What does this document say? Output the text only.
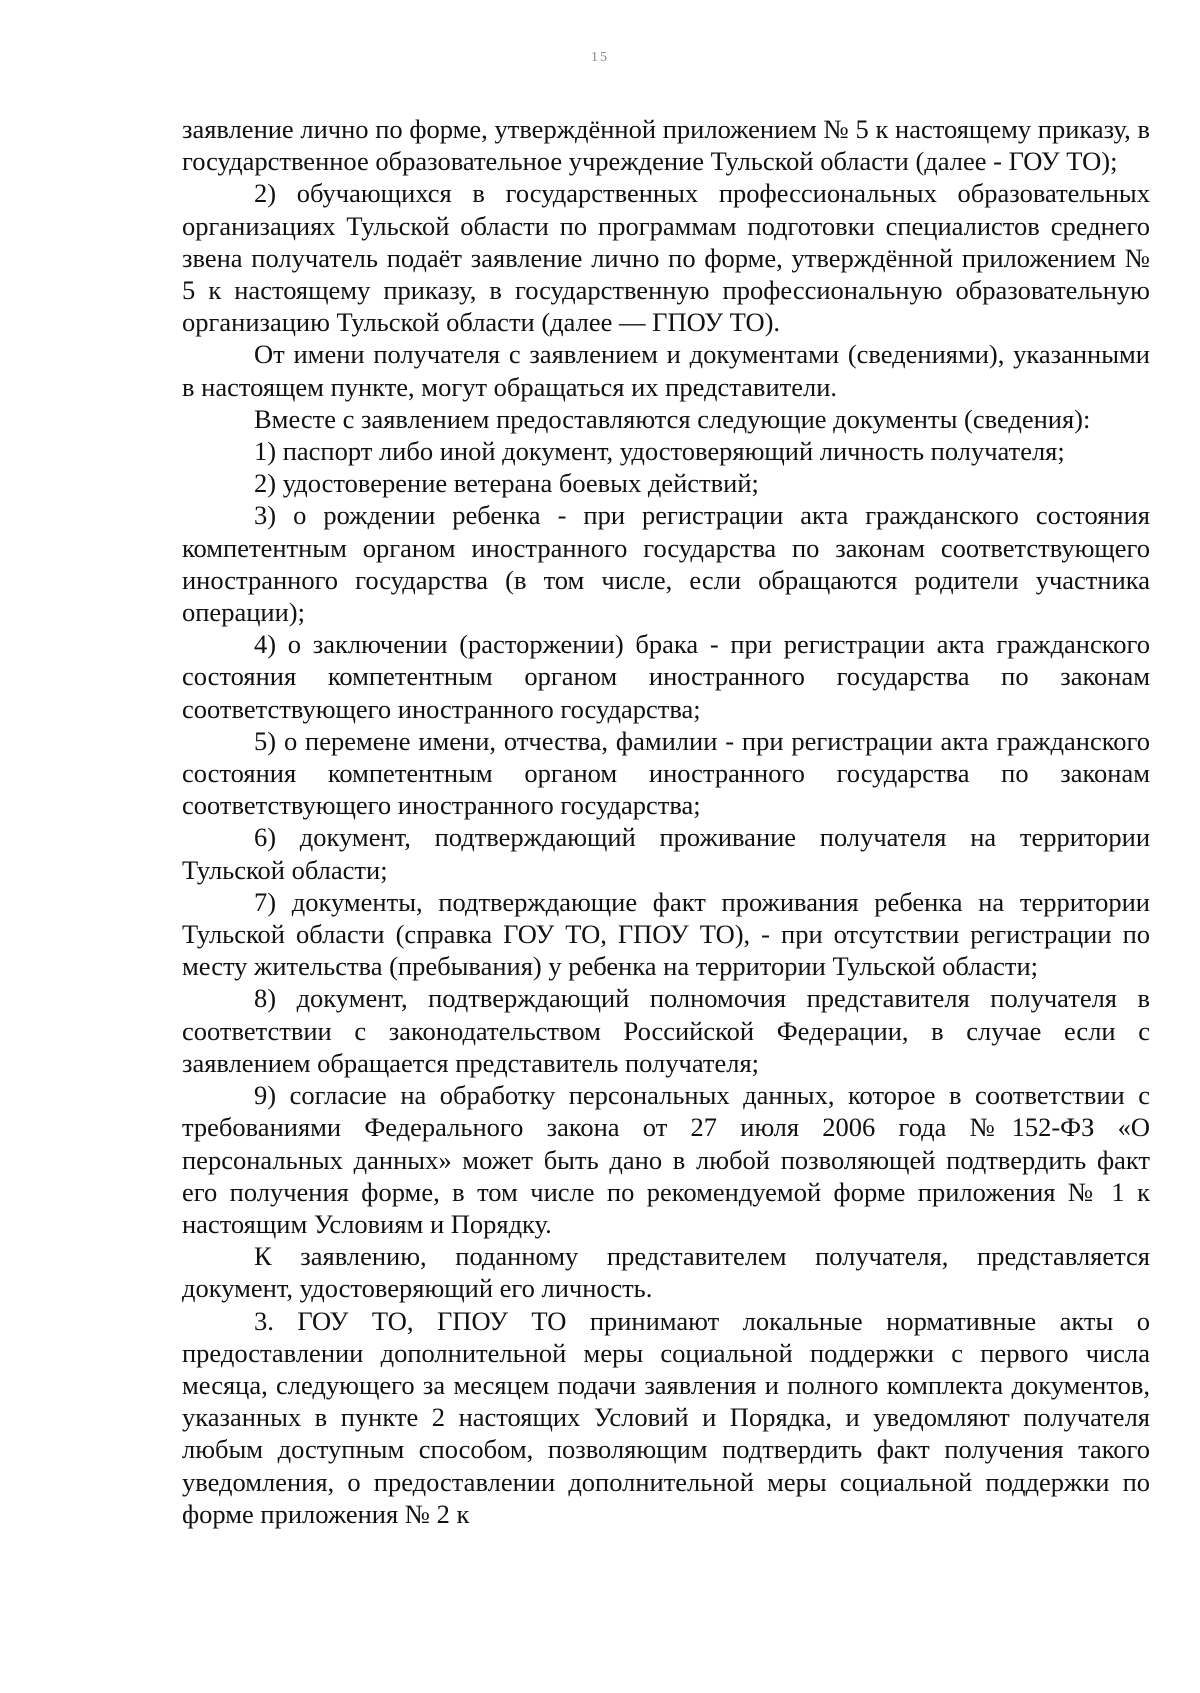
15

заявление лично по форме, утверждённой приложением № 5 к настоящему приказу, в государственное образовательное учреждение Тульской области (далее - ГОУ ТО);

2) обучающихся в государственных профессиональных образовательных организациях Тульской области по программам подготовки специалистов среднего звена получатель подаёт заявление лично по форме, утверждённой приложением № 5 к настоящему приказу, в государственную профессиональную образовательную организацию Тульской области (далее — ГПОУ ТО).

От имени получателя с заявлением и документами (сведениями), указанными в настоящем пункте, могут обращаться их представители.

Вместе с заявлением предоставляются следующие документы (сведения):

1) паспорт либо иной документ, удостоверяющий личность получателя;

2) удостоверение ветерана боевых действий;

3) о рождении ребенка - при регистрации акта гражданского состояния компетентным органом иностранного государства по законам соответствующего иностранного государства (в том числе, если обращаются родители участника операции);

4) о заключении (расторжении) брака - при регистрации акта гражданского состояния компетентным органом иностранного государства по законам соответствующего иностранного государства;

5) о перемене имени, отчества, фамилии - при регистрации акта гражданского состояния компетентным органом иностранного государства по законам соответствующего иностранного государства;

6) документ, подтверждающий проживание получателя на территории Тульской области;

7) документы, подтверждающие факт проживания ребенка на территории Тульской области (справка ГОУ ТО, ГПОУ ТО), - при отсутствии регистрации по месту жительства (пребывания) у ребенка на территории Тульской области;

8) документ, подтверждающий полномочия представителя получателя в соответствии с законодательством Российской Федерации, в случае если с заявлением обращается представитель получателя;

9) согласие на обработку персональных данных, которое в соответствии с требованиями Федерального закона от 27 июля 2006 года №152-ФЗ «О персональных данных» может быть дано в любой позволяющей подтвердить факт его получения форме, в том числе по рекомендуемой форме приложения № 1 к настоящим Условиям и Порядку.

К заявлению, поданному представителем получателя, представляется документ, удостоверяющий его личность.

3. ГОУ ТО, ГПОУ ТО принимают локальные нормативные акты о предоставлении дополнительной меры социальной поддержки с первого числа месяца, следующего за месяцем подачи заявления и полного комплекта документов, указанных в пункте 2 настоящих Условий и Порядка, и уведомляют получателя любым доступным способом, позволяющим подтвердить факт получения такого уведомления, о предоставлении дополнительной меры социальной поддержки по форме приложения № 2 к
